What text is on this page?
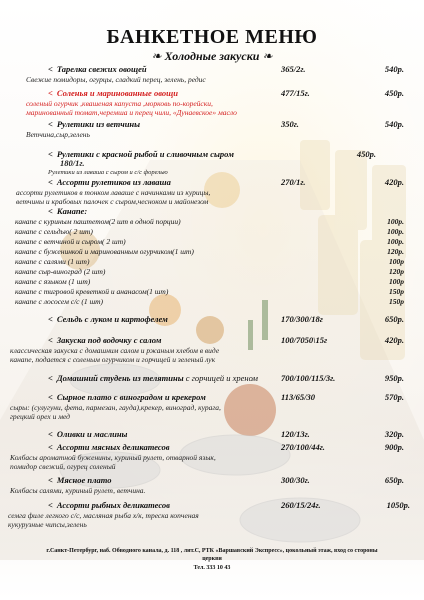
БАНКЕТНОЕ МЕНЮ
❧ Холодные закуски ❧
< Тарелка свежих овощей	365/2г.	540р.
Свежие помидоры, огурцы, сладкий перец, зелень, редис
< Соленья и маринованные овощи	477/15г.	450р.
соленый огурчик ,квашеная капуста ,морковь по-корейски,
маринованный томат,черемша и перец чили, «Дунаевское» масло
< Рулетики из ветчины	350г.	540р.
Ветчина,сыр,зелень
< Рулетики с красной рыбой и сливочным сыром	450р.
180/1г.
Рулетики из лаваша с сыром и с/с форелью
< Ассорти рулетиков из лаваша	270/1г.	420р.
ассорти рулетиков в тонком лаваше с начинками из курицы,
ветчины и крабовых палочек с сыром,чесноком и майонезом
< Канапе:
канапе с куриным паштетом(2 шт в одной порции)	100р.
канапе с сельдью( 2 шт)	100р.
канапе с ветчиной и сыром( 2 шт)	100р.
канапе с буженинкой и маринованным огурчиком(1 шт)	120р.
канапе с салями (1 шт)	100р
канапе сыр-виноград (2 шт)	120р
канапе с языком (1 шт)	100р
канапе с тигровой креветкой и ананасом(1 шт)	150р
канапе с лососем с/с (1 шт)	150р
< Сельдь с луком и картофелем	170/300/18г	650р.
< Закуска под водочку с салом	100/7050\15г	420р.
классическая закуска с домашним салом и ржаным хлебом в виде
канапе, подается с соленым огурчиком и горчицей и зеленый лук
< Домашний студень из телятины с горчицей и хреном	700/100/115/3г.	950р.
< Сырное плато с виноградом и крекером	113/65/30	570р.
сыры: (сулугуни, фета, пармезан, гауда),крекер, виноград, курага,
грецкий орех и мед
< Оливки и маслины	120/13г.	320р.
< Ассорти мясных деликатесов	270/100/44г.	900р.
Колбасы ароматной буженины, куриный рулет, отварной язык,
помидор свежий, огурец соленый
< Мясное плато	300/30г.	650р.
Колбасы салями, куриный рулет, ветчина.
< Ассорти рыбных деликатесов	260/15/24г.	1050р.
семга филе легкого с/с, масляная рыба х/к, треска копченая
кукурузные чипсы,зелень
г.Санкт-Петербург, наб. Обводного канала, д. 118 , лит.С, РТК «Варшавский Экспресс», цокольный этаж, вход со стороны
церкви
Тел. 333 10 43
